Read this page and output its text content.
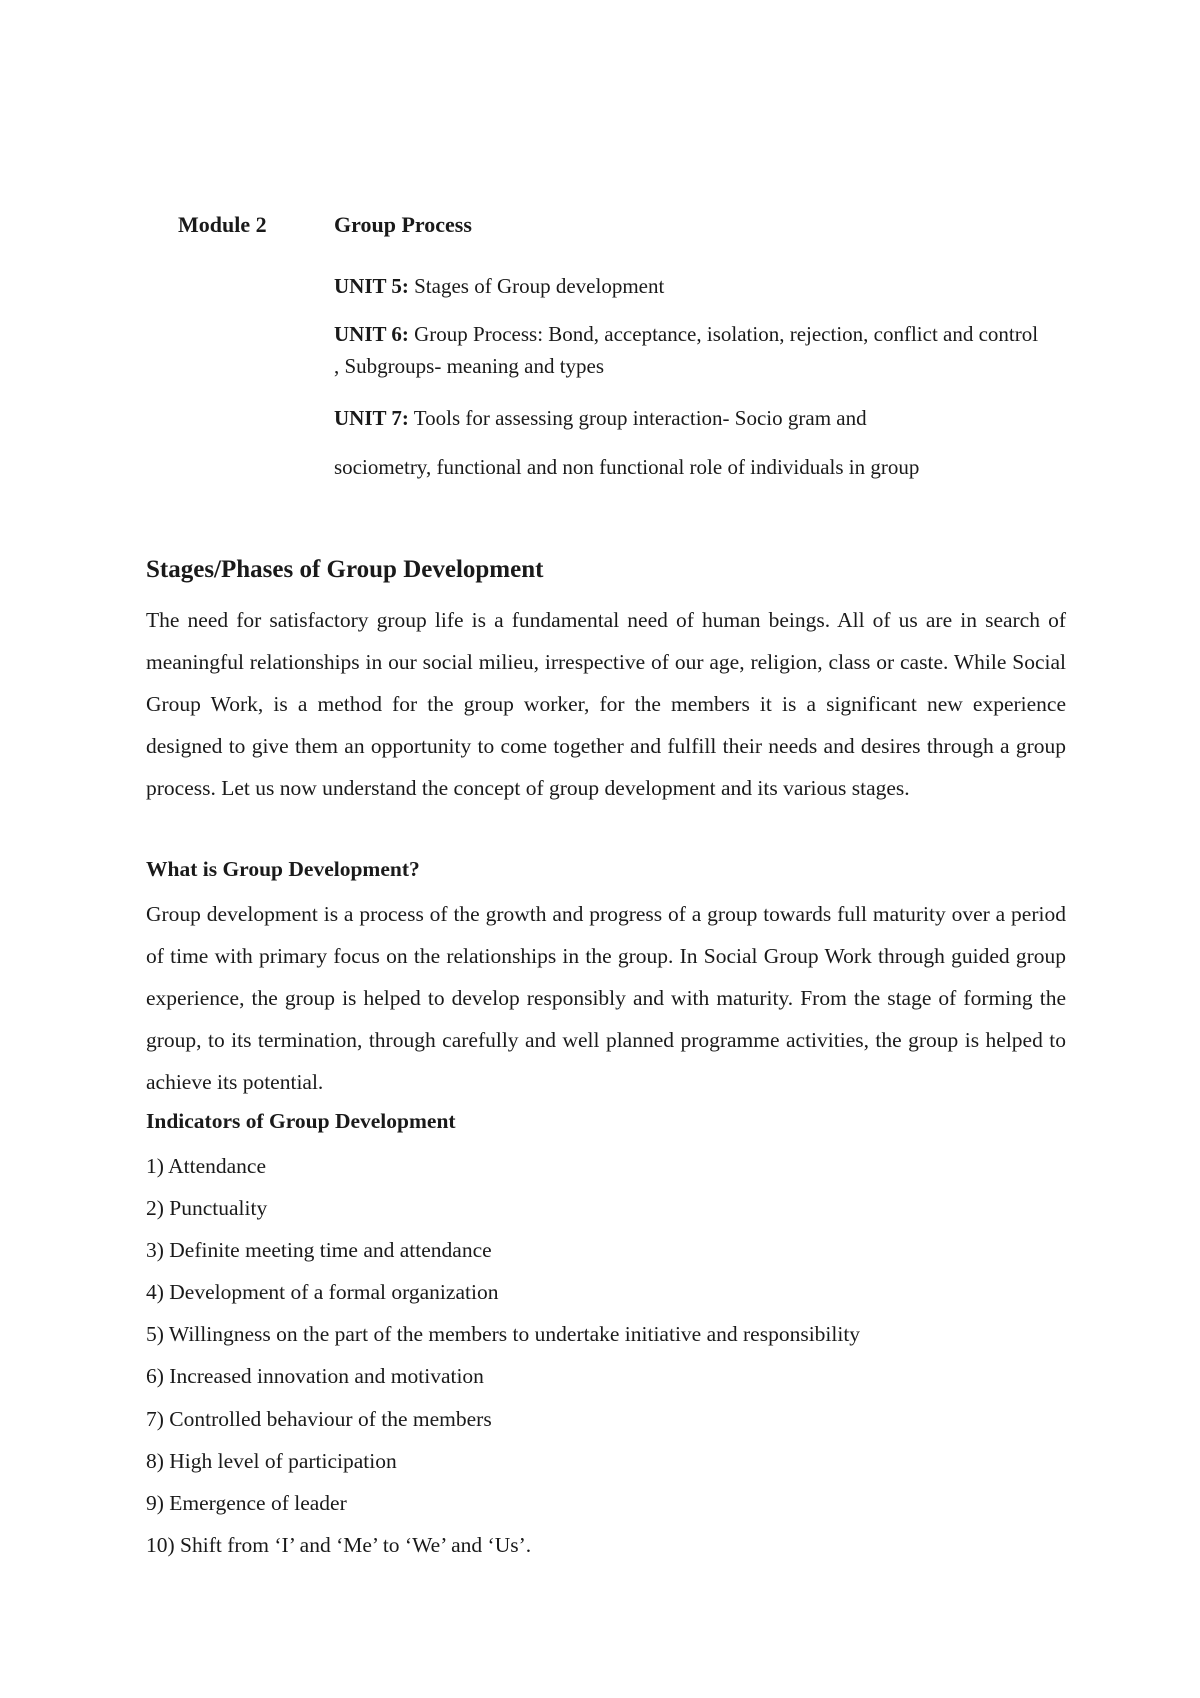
Module 2	Group Process
UNIT 5: Stages of Group development
UNIT 6: Group Process: Bond, acceptance, isolation, rejection, conflict and control , Subgroups- meaning and types
UNIT 7: Tools for assessing group interaction- Socio gram and
sociometry, functional and non functional role of individuals in group
Stages/Phases of Group Development
The need for satisfactory group life is a fundamental need of human beings. All of us are in search of meaningful relationships in our social milieu, irrespective of our age, religion, class or caste. While Social Group Work, is a method for the group worker, for the members it is a significant new experience designed to give them an opportunity to come together and fulfill their needs and desires through a group process. Let us now understand the concept of group development and its various stages.
What is Group Development?
Group development is a process of the growth and progress of a group towards full maturity over a period of time with primary focus on the relationships in the group. In Social Group Work through guided group experience, the group is helped to develop responsibly and with maturity. From the stage of forming the group, to its termination, through carefully and well planned programme activities, the group is helped to achieve its potential.
Indicators of Group Development
1) Attendance
2) Punctuality
3) Definite meeting time and attendance
4) Development of a formal organization
5) Willingness on the part of the members to undertake initiative and responsibility
6) Increased innovation and motivation
7) Controlled behaviour of the members
8) High level of participation
9) Emergence of leader
10) Shift from ‘I’ and ‘Me’ to ‘We’ and ‘Us’.
